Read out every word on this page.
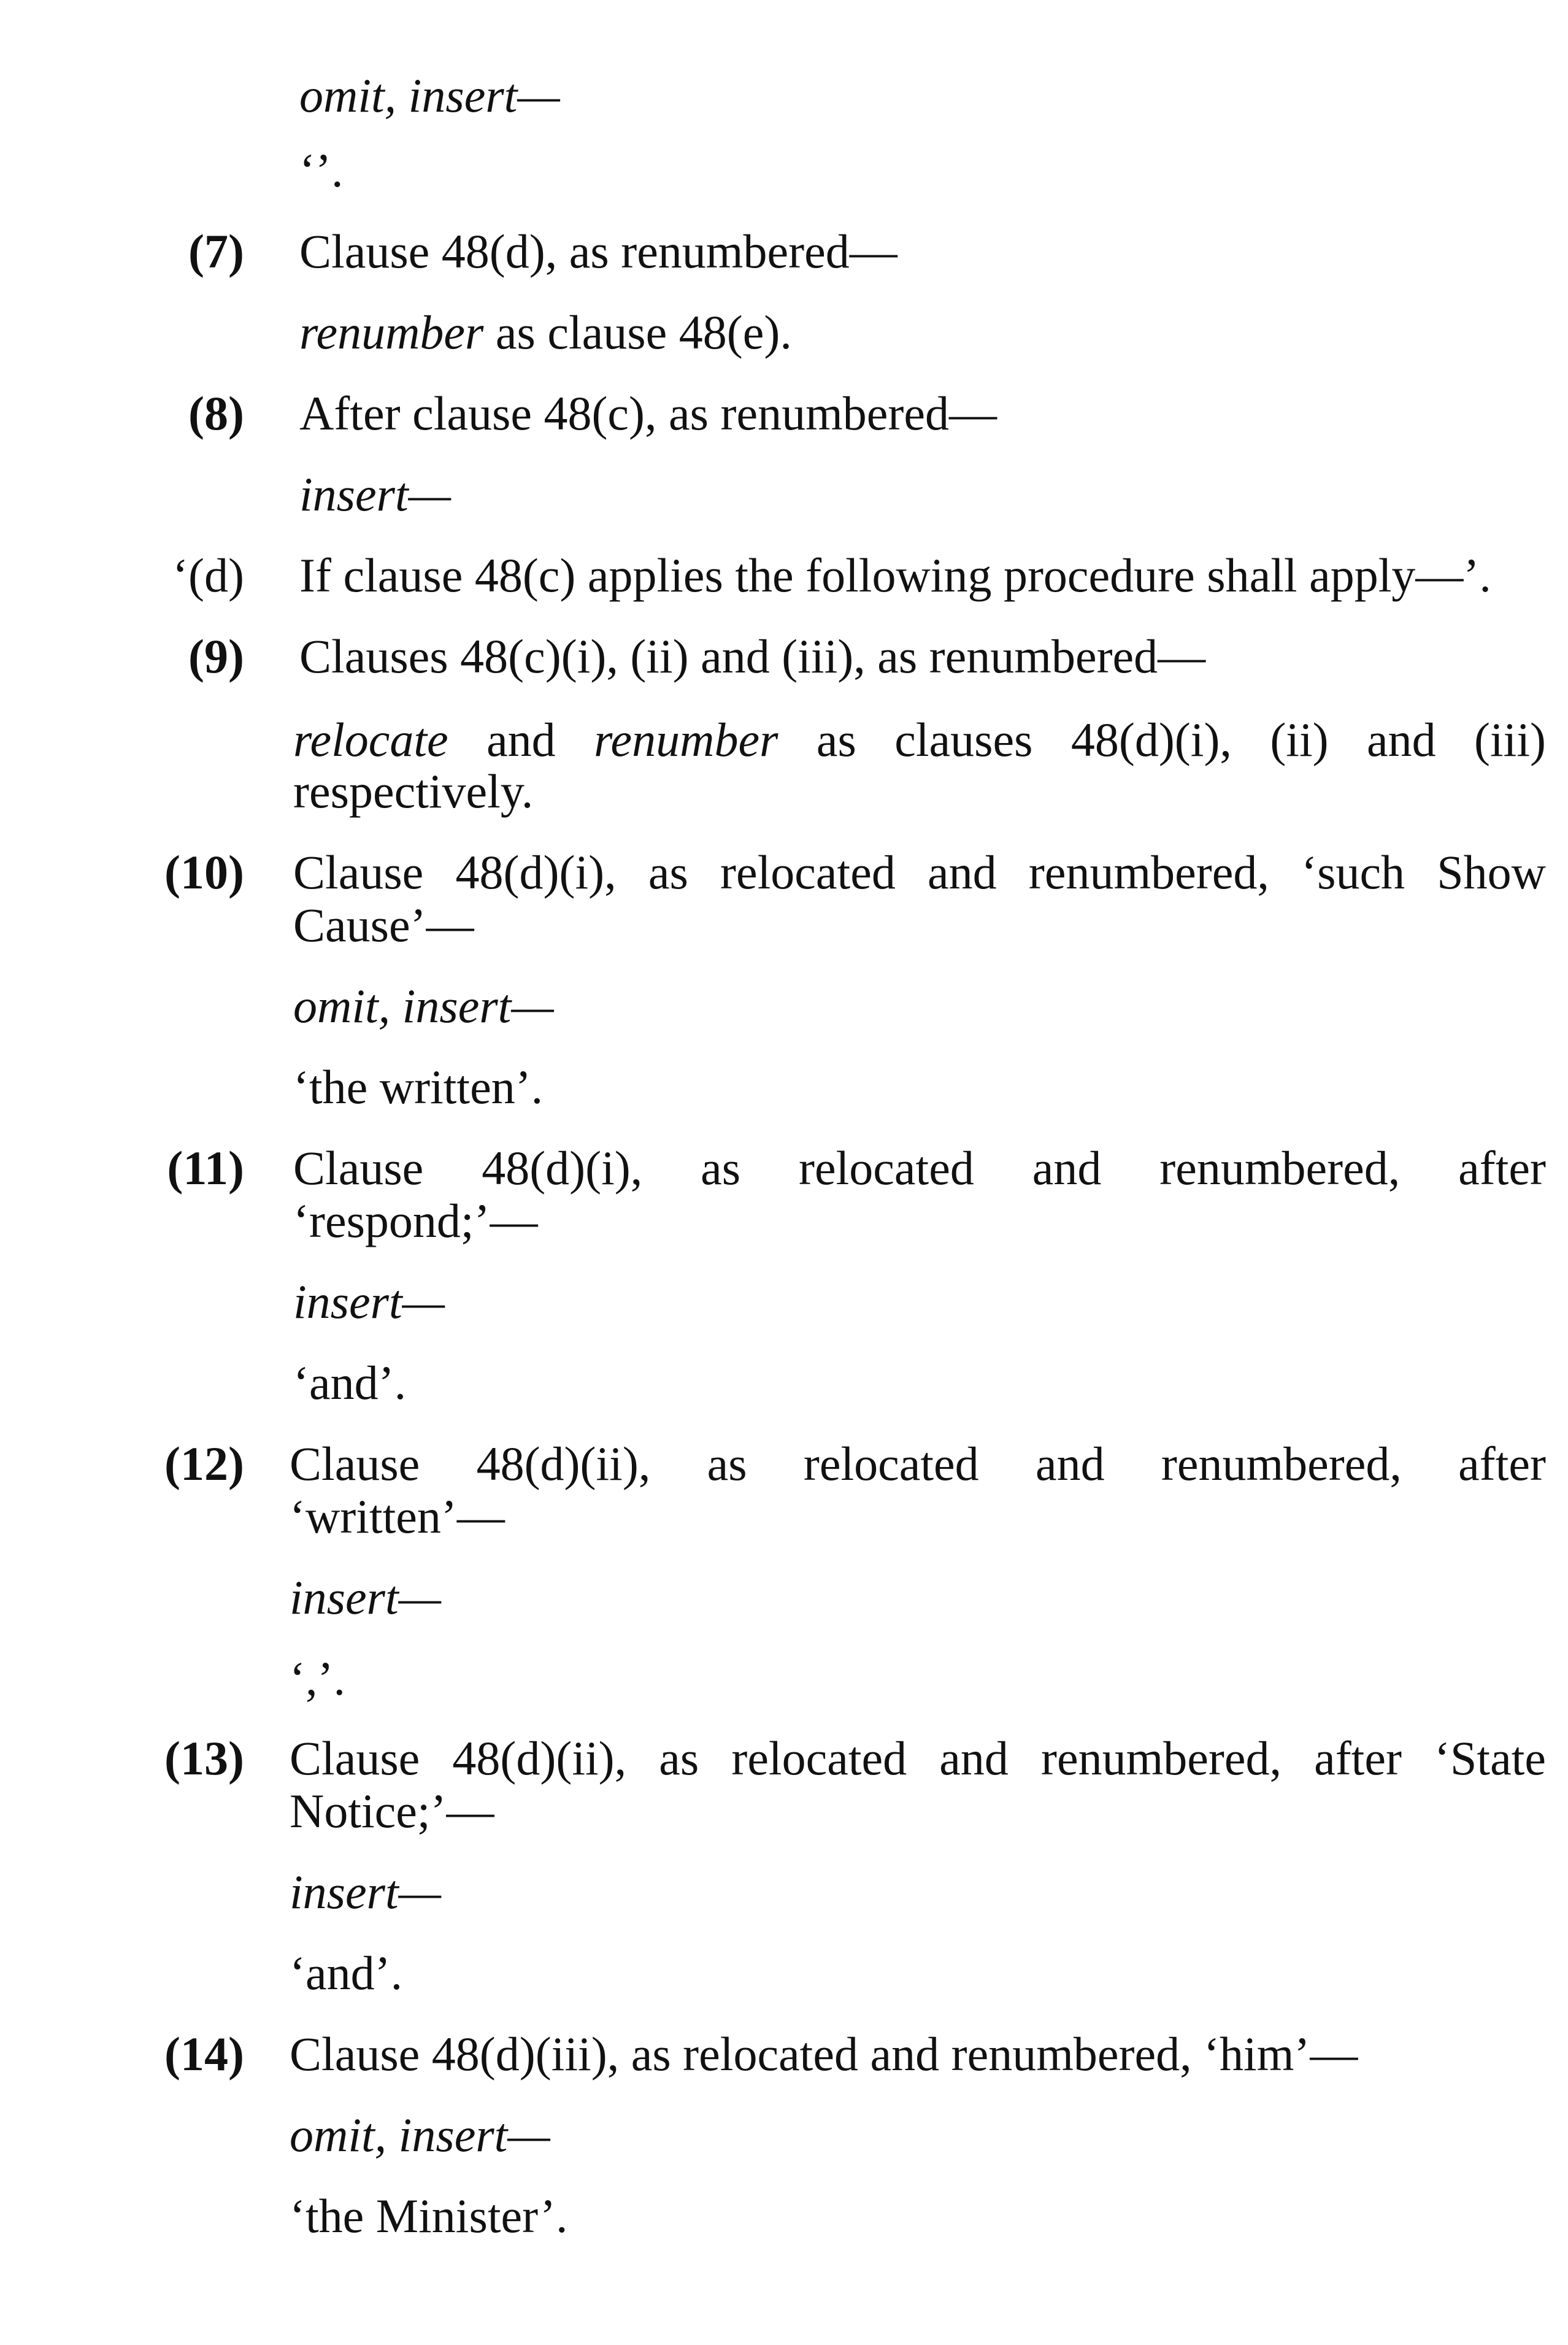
omit, insert—
‘’.
(7) Clause 48(d), as renumbered—
renumber as clause 48(e).
(8) After clause 48(c), as renumbered—
insert—
‘(d) If clause 48(c) applies the following procedure shall apply—’.
(9) Clauses 48(c)(i), (ii) and (iii), as renumbered—
relocate and renumber as clauses 48(d)(i), (ii) and (iii)
respectively.
(10) Clause 48(d)(i), as relocated and renumbered, ‘such Show
Cause’—
omit, insert—
‘the written’.
(11) Clause 48(d)(i), as relocated and renumbered, after
‘respond;’—
insert—
‘and’.
(12) Clause 48(d)(ii), as relocated and renumbered, after
‘written’—
insert—
‘,’.
(13) Clause 48(d)(ii), as relocated and renumbered, after ‘State
Notice;’—
insert—
‘and’.
(14) Clause 48(d)(iii), as relocated and renumbered, ‘him’—
omit, insert—
‘the Minister’.
